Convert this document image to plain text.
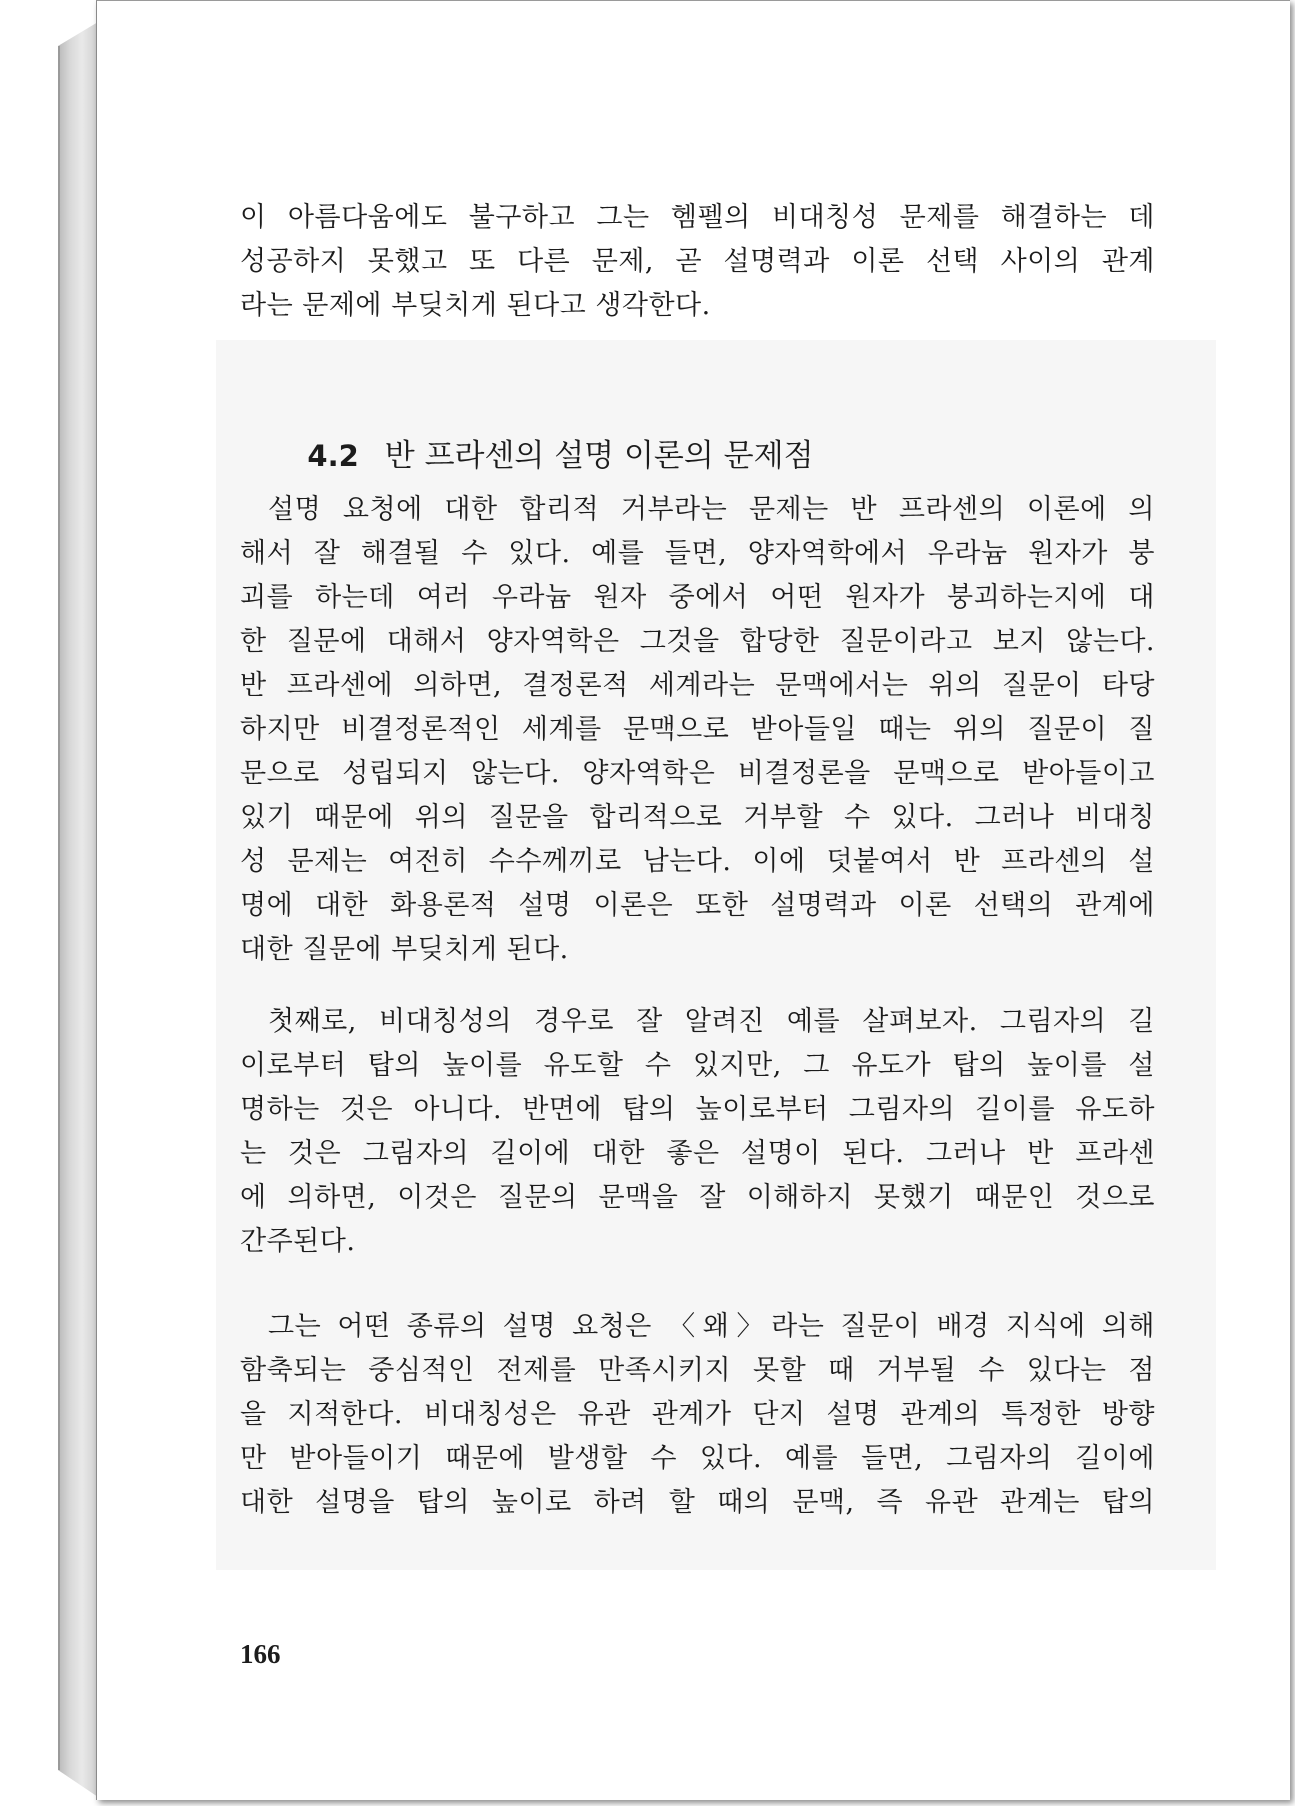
이 아름다움에도 불구하고 그는 헴펠의 비대칭성 문제를 해결하는 데
성공하지 못했고 또 다른 문제, 곧 설명력과 이론 선택 사이의 관계
라는 문제에 부딪치게 된다고 생각한다.

4.2 반 프라센의 설명 이론의 문제점

설명 요청에 대한 합리적 거부라는 문제는 반 프라센의 이론에 의
해서 잘 해결될 수 있다. 예를 들면, 양자역학에서 우라늄 원자가 붕
괴를 하는데 여러 우라늄 원자 중에서 어떤 원자가 붕괴하는지에 대
한 질문에 대해서 양자역학은 그것을 합당한 질문이라고 보지 않는다.
반 프라센에 의하면, 결정론적 세계라는 문맥에서는 위의 질문이 타당
하지만 비결정론적인 세계를 문맥으로 받아들일 때는 위의 질문이 질
문으로 성립되지 않는다. 양자역학은 비결정론을 문맥으로 받아들이고
있기 때문에 위의 질문을 합리적으로 거부할 수 있다. 그러나 비대칭
성 문제는 여전히 수수께끼로 남는다. 이에 덧붙여서 반 프라센의 설
명에 대한 화용론적 설명 이론은 또한 설명력과 이론 선택의 관계에
대한 질문에 부딪치게 된다.
첫째로, 비대칭성의 경우로 잘 알려진 예를 살펴보자. 그림자의 길
이로부터 탑의 높이를 유도할 수 있지만, 그 유도가 탑의 높이를 설
명하는 것은 아니다. 반면에 탑의 높이로부터 그림자의 길이를 유도하
는 것은 그림자의 길이에 대한 좋은 설명이 된다. 그러나 반 프라센
에 의하면, 이것은 질문의 문맥을 잘 이해하지 못했기 때문인 것으로
간주된다.
그는 어떤 종류의 설명 요청은 〈왜〉라는 질문이 배경 지식에 의해
함축되는 중심적인 전제를 만족시키지 못할 때 거부될 수 있다는 점
을 지적한다. 비대칭성은 유관 관계가 단지 설명 관계의 특정한 방향
만 받아들이기 때문에 발생할 수 있다. 예를 들면, 그림자의 길이에
대한 설명을 탑의 높이로 하려 할 때의 문맥, 즉 유관 관계는 탑의
166
